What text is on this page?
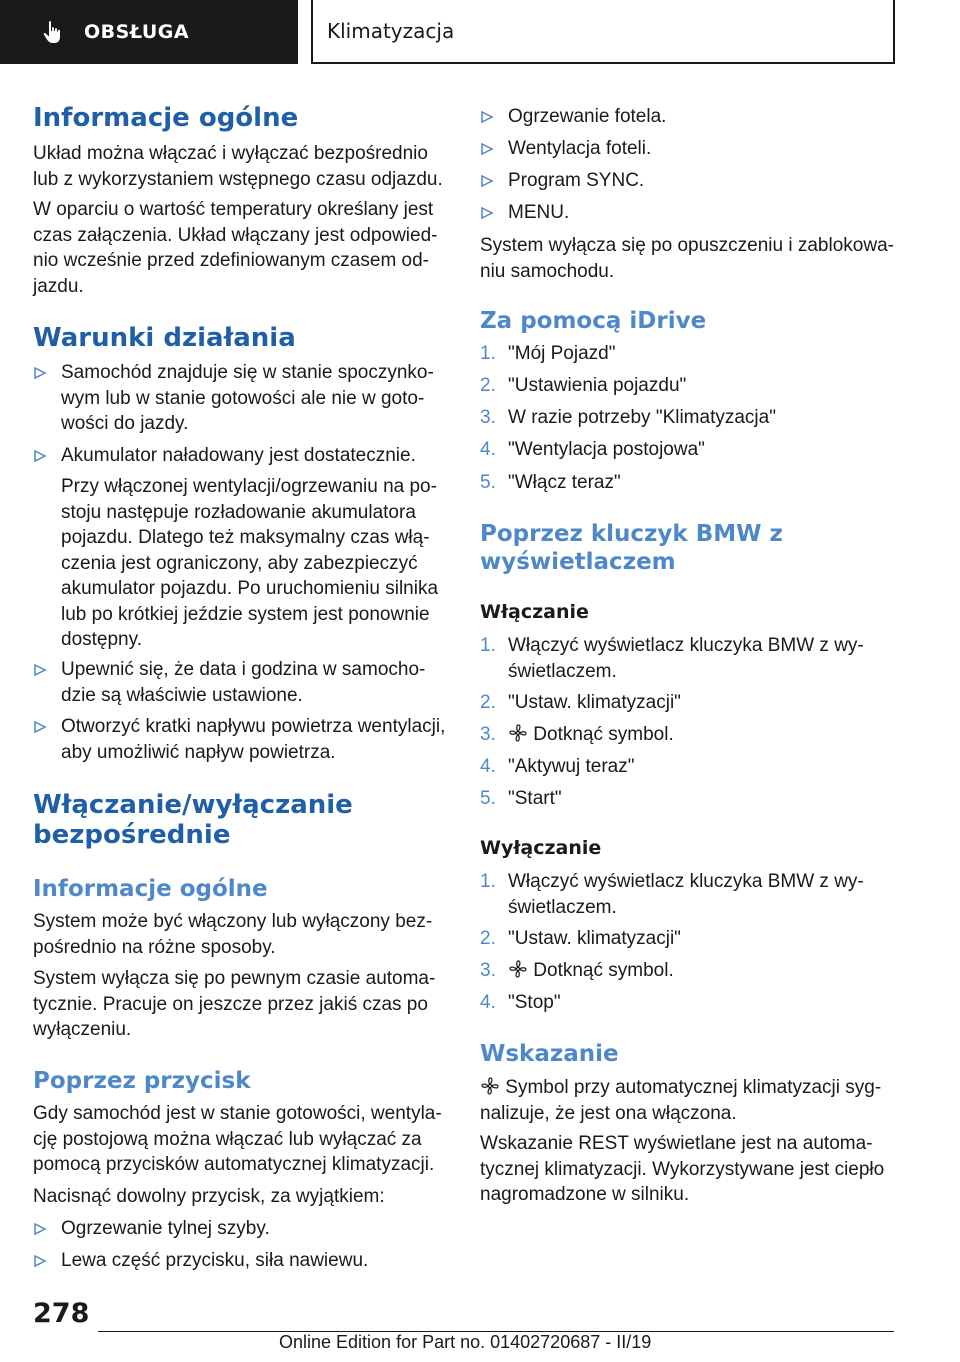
OBSŁUGA	Klimatyzacja
Informacje ogólne
Układ można włączać i wyłączać bezpośrednio
lub z wykorzystaniem wstępnego czasu odjazdu.
W oparciu o wartość temperatury określany jest
czas załączenia. Układ włączany jest odpowied-
nio wcześnie przed zdefiniowanym czasem od-
jazdu.
Warunki działania
Samochód znajduje się w stanie spoczynko-
wym lub w stanie gotowości ale nie w goto-
wości do jazdy.
Akumulator naładowany jest dostatecznie.
Przy włączonej wentylacji/ogrzewaniu na po-
stoju następuje rozładowanie akumulatora
pojazdu. Dlatego też maksymalny czas włą-
czenia jest ograniczony, aby zabezpieczyć
akumulator pojazdu. Po uruchomieniu silnika
lub po krótkiej jeździe system jest ponownie
dostępny.
Upewnić się, że data i godzina w samocho-
dzie są właściwie ustawione.
Otworzyć kratki napływu powietrza wentylacji,
aby umożliwić napływ powietrza.
Włączanie/wyłączanie
bezpośrednie
Informacje ogólne
System może być włączony lub wyłączony bez-
pośrednio na różne sposoby.
System wyłącza się po pewnym czasie automa-
tycznie. Pracuje on jeszcze przez jakiś czas po
wyłączeniu.
Poprzez przycisk
Gdy samochód jest w stanie gotowości, wentyla-
cję postojową można włączać lub wyłączać za
pomocą przycisków automatycznej klimatyzacji.
Nacisnąć dowolny przycisk, za wyjątkiem:
Ogrzewanie tylnej szyby.
Lewa część przycisku, siła nawiewu.
Ogrzewanie fotela.
Wentylacja foteli.
Program SYNC.
MENU.
System wyłącza się po opuszczeniu i zablokowa-
niu samochodu.
Za pomocą iDrive
1. "Mój Pojazd"
2. "Ustawienia pojazdu"
3. W razie potrzeby "Klimatyzacja"
4. "Wentylacja postojowa"
5. "Włącz teraz"
Poprzez kluczyk BMW z
wyświetlaczem
Włączanie
1. Włączyć wyświetlacz kluczyka BMW z wy-
świetlaczem.
2. "Ustaw. klimatyzacji"
3.	Dotknąć symbol.
4. "Aktywuj teraz"
5. "Start"
Wyłączanie
1. Włączyć wyświetlacz kluczyka BMW z wy-
świetlaczem.
2. "Ustaw. klimatyzacji"
3.	Dotknąć symbol.
4. "Stop"
Wskazanie
Symbol przy automatycznej klimatyzacji syg-
nalizuje, że jest ona włączona.
Wskazanie REST wyświetlane jest na automa-
tycznej klimatyzacji. Wykorzystywane jest ciepło
nagromadzone w silniku.
278
Online Edition for Part no. 01402720687 - II/19
